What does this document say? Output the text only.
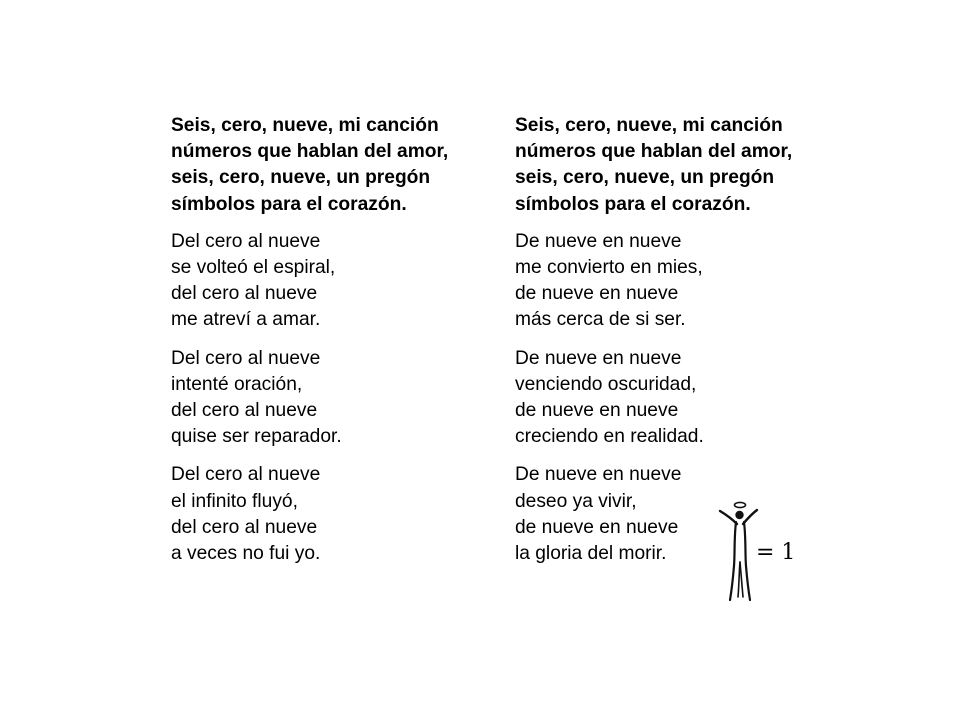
Seis, cero, nueve, mi canción
números que hablan del amor,
seis, cero, nueve, un pregón
símbolos para el corazón.
Del cero al nueve
se volteó el espiral,
del cero al nueve
me atreví a amar.
Del cero al nueve
intenté oración,
del cero al nueve
quise ser reparador.
Del cero al nueve
el infinito fluyó,
del cero al nueve
a veces no fui yo.
Seis, cero, nueve, mi canción
números que hablan del amor,
seis, cero, nueve, un pregón
símbolos para el corazón.
De nueve en nueve
me convierto en mies,
de nueve en nueve
más cerca de si ser.
De nueve en nueve
venciendo oscuridad,
de nueve en nueve
creciendo en realidad.
De nueve en nueve
deseo ya vivir,
de nueve en nueve
la gloria del morir.	= 1
